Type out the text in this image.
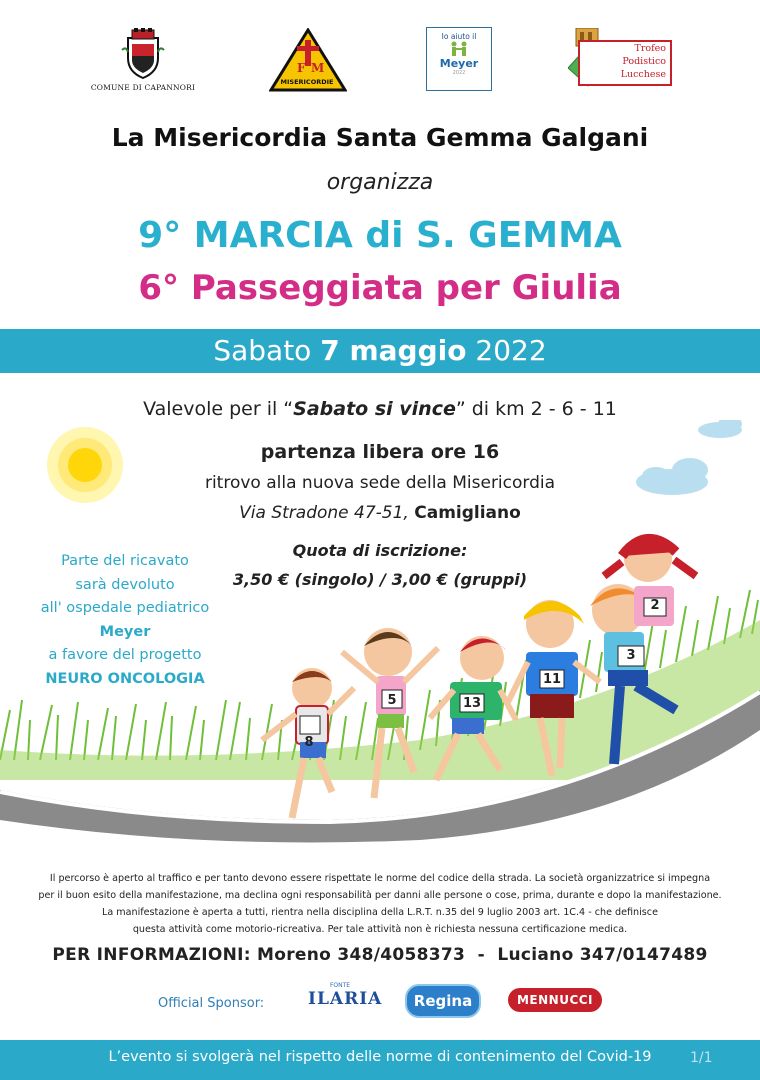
COMUNE DI CAPANNORI
F M
MISERICORDIE
Io aiuto il
Meyer
2022
Trofeo
Podistico
Lucchese
La Misericordia Santa Gemma Galgani
organizza
9° MARCIA di S. GEMMA
6° Passeggiata per Giulia
Sabato 7 maggio 2022
8
5	13
11
3
2
Valevole per il “Sabato si vince” di km 2 - 6 - 11
partenza libera ore 16
ritrovo alla nuova sede della Misericordia
Via Stradone 47-51, Camigliano
Quota di iscrizione:
3,50 € (singolo) / 3,00 € (gruppi)
Parte del ricavato
sarà devoluto
all' ospedale pediatrico
Meyer
a favore del progetto
NEURO ONCOLOGIA
Il percorso è aperto al traffico e per tanto devono essere rispettate le norme del codice della strada. La società organizzatrice si impegna
per il buon esito della manifestazione, ma declina ogni responsabilità per danni alle persone o cose, prima, durante e dopo la manifestazione.
La manifestazione è aperta a tutti, rientra nella disciplina della L.R.T. n.35 del 9 luglio 2003 art. 1C.4 - che definisce
questa attività come motorio-ricreativa. Per tale attività non è richiesta nessuna certificazione medica.
PER INFORMAZIONI: Moreno 348/4058373  -  Luciano 347/0147489
Official Sponsor:
FONTE
ILARIA	Regina	MENNUCCI
L’evento si svolgerà nel rispetto delle norme di contenimento del Covid-19	1/1
